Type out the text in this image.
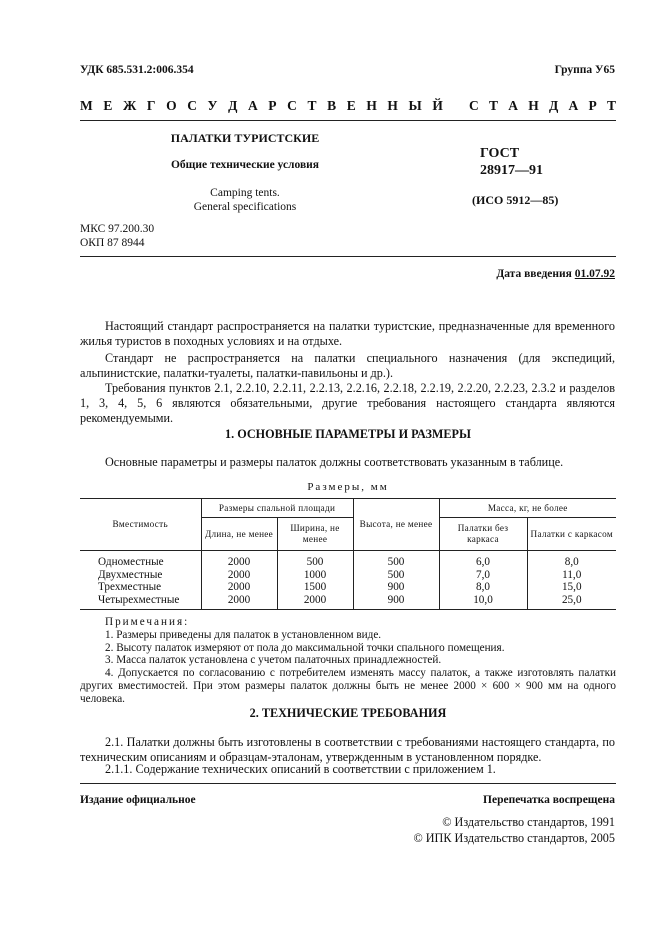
УДК 685.531.2:006.354	Группа У65
М Е Ж Г О С У Д А Р С Т В Е Н Н Ы Й С Т А Н Д А Р Т
ПАЛАТКИ ТУРИСТСКИЕ
Общие технические условия
Camping tents.
General specifications
ГОСТ
28917—91
(ИСО 5912—85)
МКС 97.200.30
ОКП 87 8944
Дата введения 01.07.92
Настоящий стандарт распространяется на палатки туристские, предназначенные для временного жилья туристов в походных условиях и на отдыхе.
Стандарт не распространяется на палатки специального назначения (для экспедиций, альпинистские, палатки-туалеты, палатки-павильоны и др.).
Требования пунктов 2.1, 2.2.10, 2.2.11, 2.2.13, 2.2.16, 2.2.18, 2.2.19, 2.2.20, 2.2.23, 2.3.2 и разделов 1, 3, 4, 5, 6 являются обязательными, другие требования настоящего стандарта являются рекомендуемыми.
1. ОСНОВНЫЕ ПАРАМЕТРЫ И РАЗМЕРЫ
Основные параметры и размеры палаток должны соответствовать указанным в таблице.
Размеры, мм
Вместимость	Размеры спальной площади		Высота, не менее	Масса, кг, не более	
	Длина, не менее	Ширина, не менее		Палатки без каркаса	Палатки с каркасом
Одноместные	2000	500	500	6,0	8,0
Двухместные	2000	1000	500	7,0	11,0
Трехместные	2000	1500	900	8,0	15,0
Четырехместные	2000	2000	900	10,0	25,0
Примечания:
1. Размеры приведены для палаток в установленном виде.
2. Высоту палаток измеряют от пола до максимальной точки спального помещения.
3. Масса палаток установлена с учетом палаточных принадлежностей.
4. Допускается по согласованию с потребителем изменять массу палаток, а также изготовлять палатки других вместимостей. При этом размеры палаток должны быть не менее 2000 × 600 × 900 мм на одного человека.
2. ТЕХНИЧЕСКИЕ ТРЕБОВАНИЯ
2.1. Палатки должны быть изготовлены в соответствии с требованиями настоящего стандарта, по техническим описаниям и образцам-эталонам, утвержденным в установленном порядке.
2.1.1. Содержание технических описаний в соответствии с приложением 1.
Издание официальное	Перепечатка воспрещена
© Издательство стандартов, 1991
© ИПК Издательство стандартов, 2005
